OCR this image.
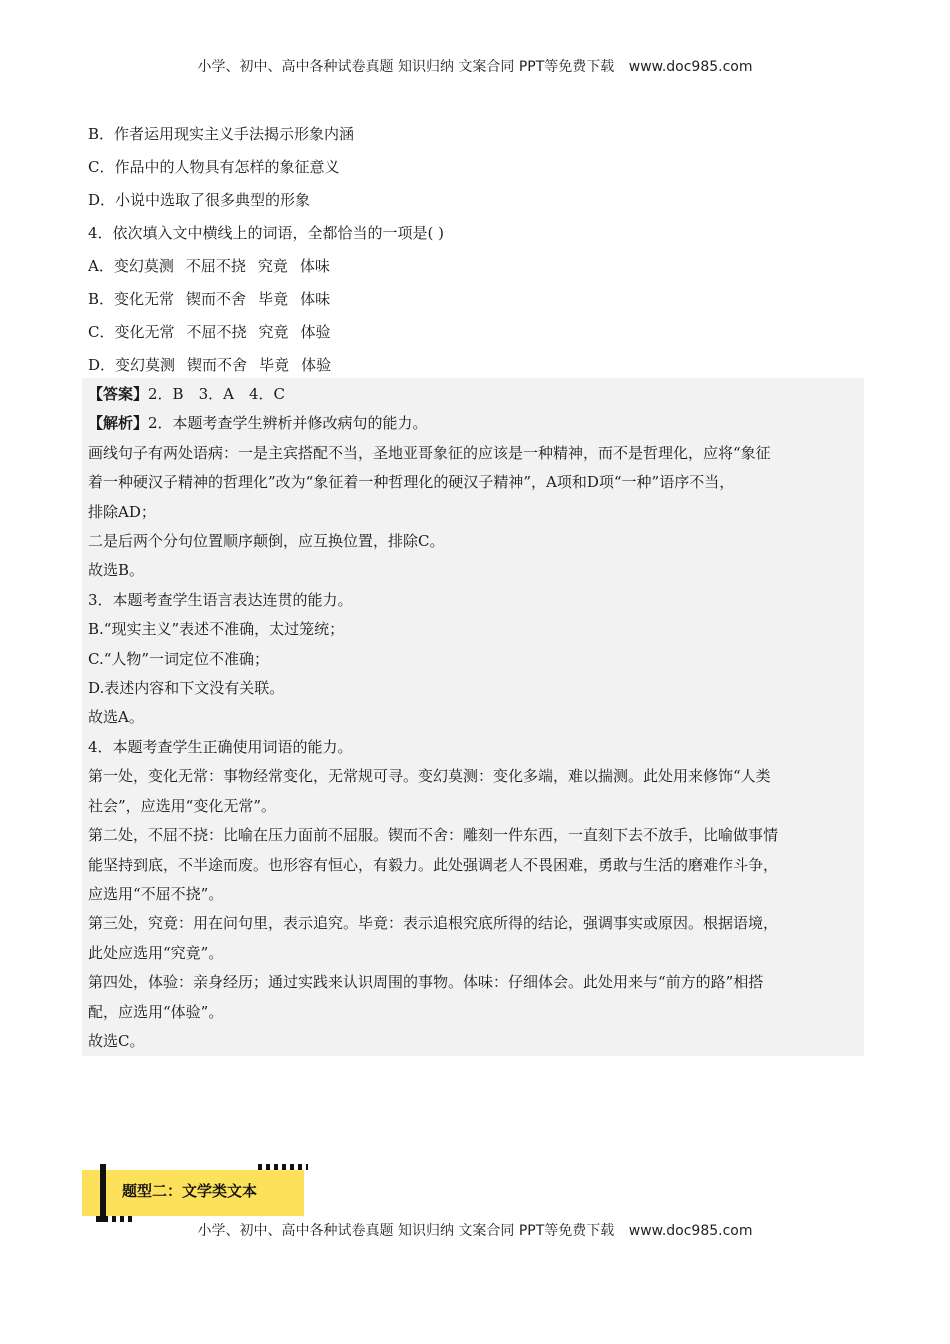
小学、初中、高中各种试卷真题 知识归纳 文案合同 PPT等免费下载 www.doc985.com
B．作者运用现实主义手法揭示形象内涵
C．作品中的人物具有怎样的象征意义
D．小说中选取了很多典型的形象
4．依次填入文中横线上的词语，全都恰当的一项是( )
A．变幻莫测 不屈不挠 究竟 体味
B．变化无常 锲而不舍 毕竟 体味
C．变化无常 不屈不挠 究竟 体验
D．变幻莫测 锲而不舍 毕竟 体验
【答案】2．B　3．A　4．C
【解析】2．本题考查学生辨析并修改病句的能力。
画线句子有两处语病：一是主宾搭配不当，圣地亚哥象征的应该是一种精神，而不是哲理化，应将“象征
着一种硬汉子精神的哲理化”改为“象征着一种哲理化的硬汉子精神”，A项和D项“一种”语序不当，
排除AD；
二是后两个分句位置顺序颠倒，应互换位置，排除C。
故选B。
3．本题考查学生语言表达连贯的能力。
B.“现实主义”表述不准确，太过笼统；
C.“人物”一词定位不准确；
D.表述内容和下文没有关联。
故选A。
4．本题考查学生正确使用词语的能力。
第一处，变化无常：事物经常变化，无常规可寻。变幻莫测：变化多端，难以揣测。此处用来修饰“人类
社会”，应选用“变化无常”。
第二处，不屈不挠：比喻在压力面前不屈服。锲而不舍：雕刻一件东西，一直刻下去不放手，比喻做事情
能坚持到底，不半途而废。也形容有恒心，有毅力。此处强调老人不畏困难，勇敢与生活的磨难作斗争，
应选用“不屈不挠”。
第三处，究竟：用在问句里，表示追究。毕竟：表示追根究底所得的结论，强调事实或原因。根据语境，
此处应选用“究竟”。
第四处，体验：亲身经历；通过实践来认识周围的事物。体味：仔细体会。此处用来与“前方的路”相搭
配，应选用“体验”。
故选C。
题型二：文学类文本
小学、初中、高中各种试卷真题 知识归纳 文案合同 PPT等免费下载 www.doc985.com
